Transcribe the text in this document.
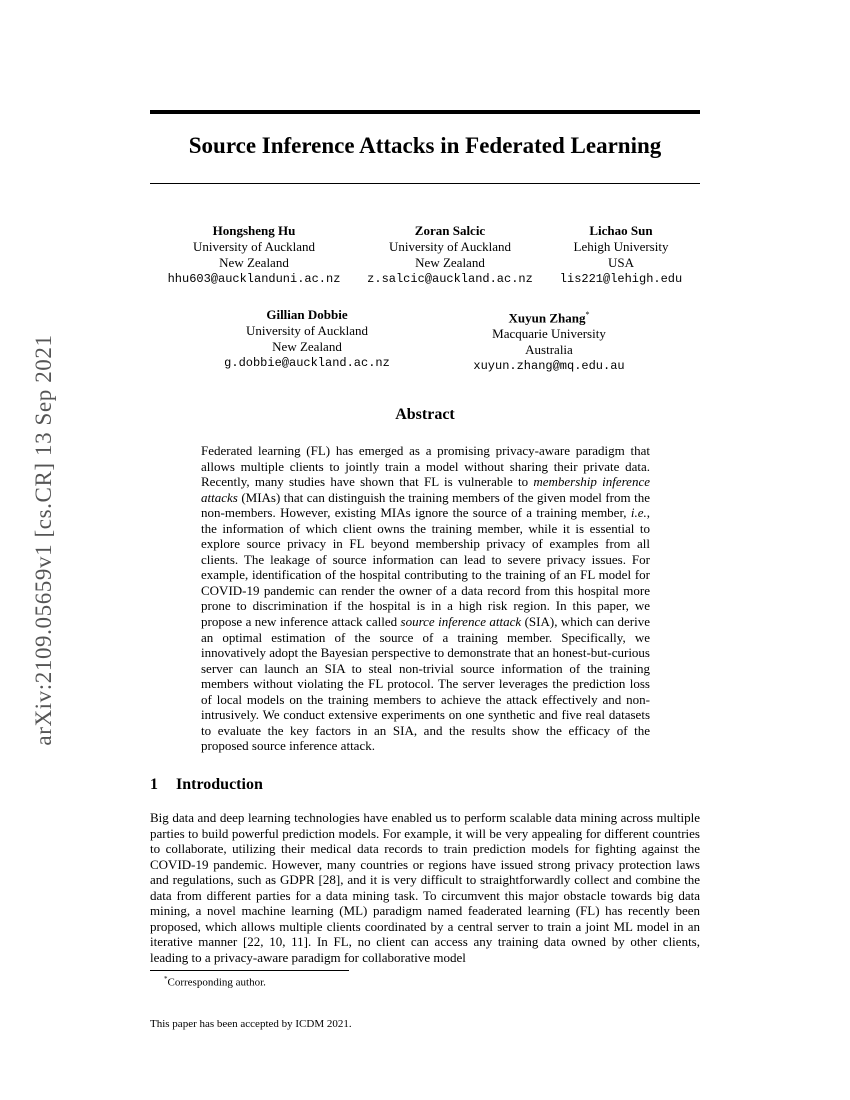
arXiv:2109.05659v1 [cs.CR] 13 Sep 2021
Source Inference Attacks in Federated Learning
Hongsheng Hu
University of Auckland
New Zealand
hhu603@aucklanduni.ac.nz
Zoran Salcic
University of Auckland
New Zealand
z.salcic@auckland.ac.nz
Lichao Sun
Lehigh University
USA
lis221@lehigh.edu
Gillian Dobbie
University of Auckland
New Zealand
g.dobbie@auckland.ac.nz
Xuyun Zhang*
Macquarie University
Australia
xuyun.zhang@mq.edu.au
Abstract

Federated learning (FL) has emerged as a promising privacy-aware paradigm that allows multiple clients to jointly train a model without sharing their private data. Recently, many studies have shown that FL is vulnerable to membership inference attacks (MIAs) that can distinguish the training members of the given model from the non-members. However, existing MIAs ignore the source of a training member, i.e., the information of which client owns the training member, while it is essential to explore source privacy in FL beyond membership privacy of examples from all clients. The leakage of source information can lead to severe privacy issues. For example, identification of the hospital contributing to the training of an FL model for COVID-19 pandemic can render the owner of a data record from this hospital more prone to discrimination if the hospital is in a high risk region. In this paper, we propose a new inference attack called source inference attack (SIA), which can derive an optimal estimation of the source of a training member. Specifically, we innovatively adopt the Bayesian perspective to demonstrate that an honest-but-curious server can launch an SIA to steal non-trivial source information of the training members without violating the FL protocol. The server leverages the prediction loss of local models on the training members to achieve the attack effectively and non-intrusively. We conduct extensive experiments on one synthetic and five real datasets to evaluate the key factors in an SIA, and the results show the efficacy of the proposed source inference attack.

1 Introduction

Big data and deep learning technologies have enabled us to perform scalable data mining across multiple parties to build powerful prediction models. For example, it will be very appealing for different countries to collaborate, utilizing their medical data records to train prediction models for fighting against the COVID-19 pandemic. However, many countries or regions have issued strong privacy protection laws and regulations, such as GDPR [28], and it is very difficult to straightforwardly collect and combine the data from different parties for a data mining task. To circumvent this major obstacle towards big data mining, a novel machine learning (ML) paradigm named feaderated learning (FL) has recently been proposed, which allows multiple clients coordinated by a central server to train a joint ML model in an iterative manner [22, 10, 11]. In FL, no client can access any training data owned by other clients, leading to a privacy-aware paradigm for collaborative model

*Corresponding author.
This paper has been accepted by ICDM 2021.
